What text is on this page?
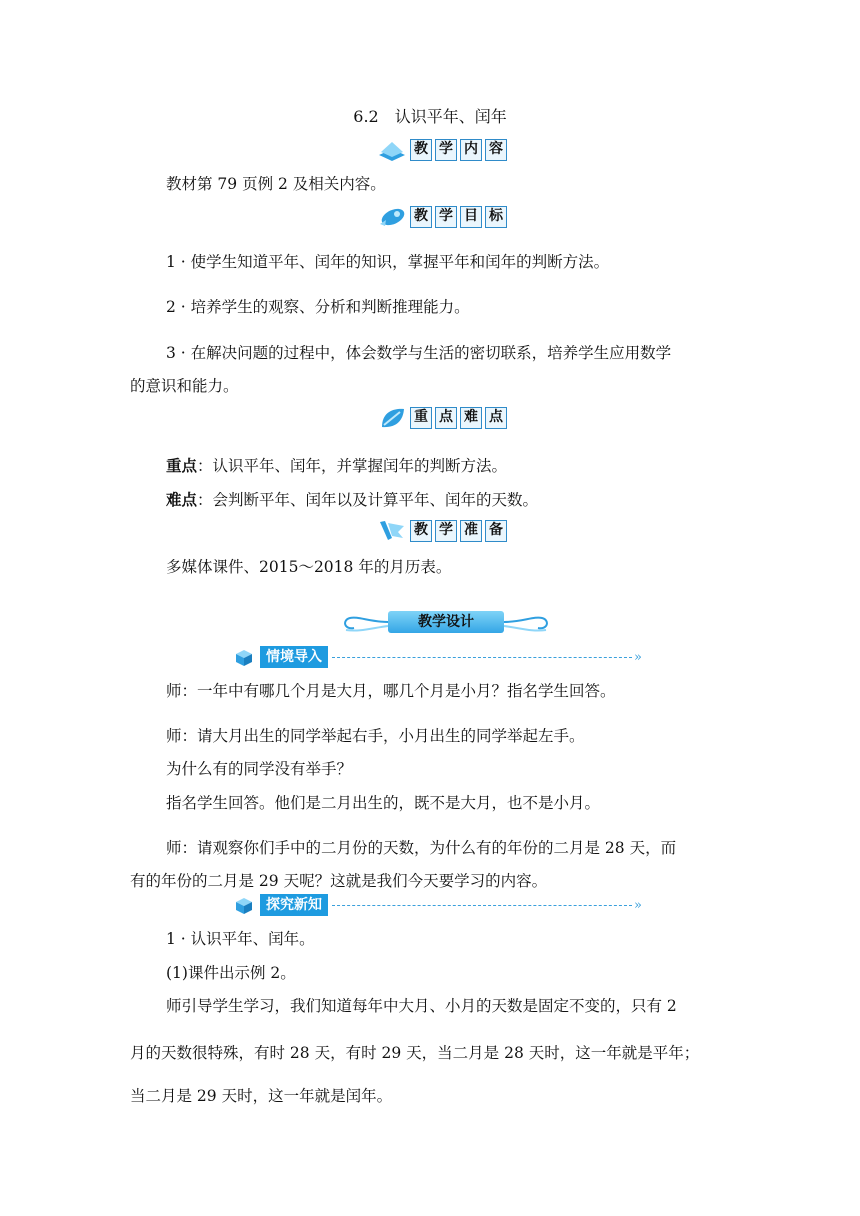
6.2　认识平年、闰年
教 学 内 容
教材第 79 页例 2 及相关内容。
教 学 目 标
1 · 使学生知道平年、闰年的知识，掌握平年和闰年的判断方法。
2 · 培养学生的观察、分析和判断推理能力。
3 · 在解决问题的过程中，体会数学与生活的密切联系，培养学生应用数学
的意识和能力。
重 点 难 点
重点：认识平年、闰年，并掌握闰年的判断方法。
难点：会判断平年、闰年以及计算平年、闰年的天数。
教 学 准 备
多媒体课件、2015～2018 年的月历表。
教学设计
情境导入	»
师：一年中有哪几个月是大月，哪几个月是小月？指名学生回答。
师：请大月出生的同学举起右手，小月出生的同学举起左手。
为什么有的同学没有举手？
指名学生回答。他们是二月出生的，既不是大月，也不是小月。
师：请观察你们手中的二月份的天数，为什么有的年份的二月是 28 天，而
有的年份的二月是 29 天呢？这就是我们今天要学习的内容。
探究新知	»
1 · 认识平年、闰年。
(1)课件出示例 2。
师引导学生学习，我们知道每年中大月、小月的天数是固定不变的，只有 2
月的天数很特殊，有时 28 天，有时 29 天，当二月是 28 天时，这一年就是平年；
当二月是 29 天时，这一年就是闰年。
